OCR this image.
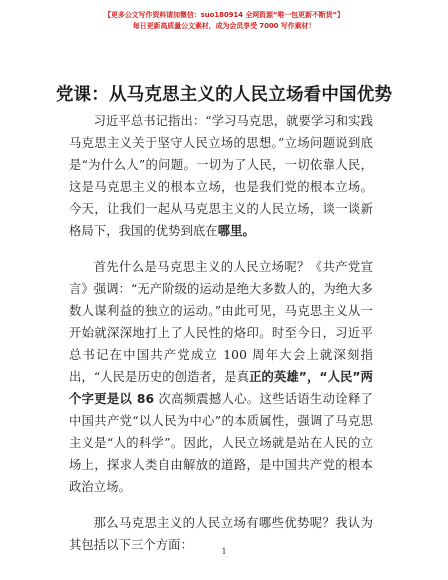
【更多公文写作资料请加微信：suo180914 全网资源“唯一包更新不断货”】
每日更新高质量公文素材，成为会员享受 7000 写作素材！
党课：从马克思主义的人民立场看中国优势

习近平总书记指出：“学习马克思，就要学习和实践马克思主义关于坚守人民立场的思想。”立场问题说到底是“为什么人”的问题。一切为了人民，一切依靠人民，这是马克思主义的根本立场，也是我们党的根本立场。今天，让我们一起从马克思主义的人民立场，谈一谈新格局下，我国的优势到底在哪里。

首先什么是马克思主义的人民立场呢？《共产党宣言》强调：“无产阶级的运动是绝大多数人的，为绝大多数人谋利益的独立的运动。”由此可见，马克思主义从一开始就深深地打上了人民性的烙印。时至今日，习近平总书记在中国共产党成立 100 周年大会上就深刻指出，“人民是历史的创造者，是真正的英雄”，“人民”两个字更是以 86 次高频震撼人心。这些话语生动诠释了中国共产党“以人民为中心”的本质属性，强调了马克思主义是“人的科学”。因此，人民立场就是站在人民的立场上，探求人类自由解放的道路，是中国共产党的根本政治立场。

那么马克思主义的人民立场有哪些优势呢？我认为其包括以下三个方面：	1
